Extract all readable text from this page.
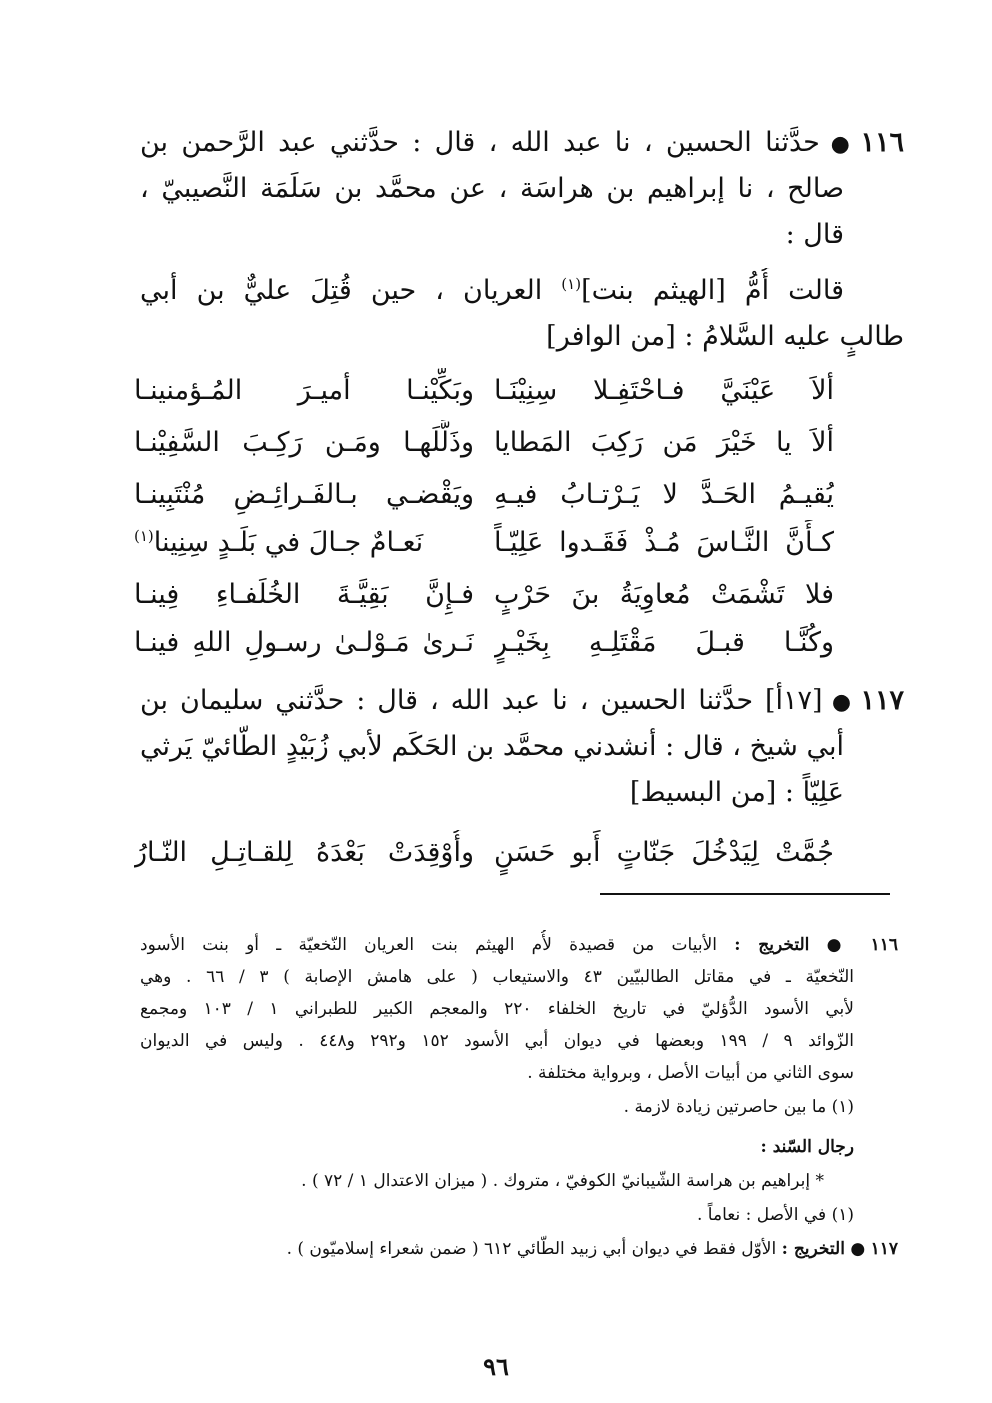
١١٦●حدَّثنا الحسين ، نا عبد الله ، قال : حدَّثني عبد الرَّحمن بن
صالح ، نا إبراهيم بن هراسَة ، عن محمَّد بن سَلَمَة النَّصيبيّ ،
قال :
قالت أُمُّ [الهيثم بنت]$^{(١)}$ العريان ، حين قُتِلَ عليٌّ بن أبي
طالبٍ عليه السَّلامُ : [من الوافر]
ألاَ عَيْنَيَّ فـاحْتَفِـلا سِنِيْنَـا
وبَكِّيْنـا أميـرَ المُـؤمنينـا
ألاَ يا خَيْرَ مَن رَكِبَ المَطايا
وذَلَّلَهـا ومَـن رَكِـبَ السَّفِيْنـا
يُقيـمُ الحَـدَّ لا يَـرْتـابُ فيـهِ
ويَقْضـي بـالفَـرائِـضِ مُنْتَبِينـا
كـأَنَّ النَّـاسَ مُـذْ فَقَـدوا عَلِيّـاً
نَعـامٌ جـالَ في بَلَـدٍ سِنِينا$^{(١)}$
فلا تَشْمَتْ مُعاوِيَةُ بنَ حَرْبٍ
فـإِنَّ بَقِيَّـةَ الخُلَفـاءِ فِينـا
وكُنَّـا قبـلَ مَقْتَلِـهِ بِخَيْـرٍ
نَـرىٰ مَـوْلـىٰ رسـولِ اللهِ فينـا
١١٧●[١٧أ] حدَّثنا الحسين ، نا عبد الله ، قال : حدَّثني سليمان بن
أبي شيخ ، قال : أنشدني محمَّد بن الحَكَم لأبي زُبَيْدٍ الطّائيّ يَرثي
عَلِيّاً : [من البسيط]
جُمَّتْ لِيَدْخُلَ جَنّاتٍ أَبو حَسَنٍ
وأُوْقِدَتْ بَعْدَهُ لِلقـاتِـلِ النّـارُ
١١٦ ● التخريج : الأبيات من قصيدة لأُم الهيثم بنت العريان النّخعيّة ـ أو بنت الأسود
النّخعيّة ـ في مقاتل الطالبيّين ٤٣ والاستيعاب ( على هامش الإصابة ) ٣ / ٦٦ . وهي
لأبي الأسود الدُّؤليّ في تاريخ الخلفاء ٢٢٠ والمعجم الكبير للطبراني ١ / ١٠٣ ومجمع
الزّوائد ٩ / ١٩٩ وبعضها في ديوان أبي الأسود ١٥٢ و٢٩٢ و٤٤٨ . وليس في الديوان
سوى الثاني من أبيات الأصل ، وبرواية مختلفة .
(١) ما بين حاصرتين زيادة لازمة .
رجال السّند :
* إبراهيم بن هراسة الشّيبانيّ الكوفيّ ، متروك . ( ميزان الاعتدال ١ / ٧٢ ) .
(١) في الأصل : نعاماً .
١١٧ ● التخريج : الأوّل فقط في ديوان أبي زبيد الطّائي ٦١٢ ( ضمن شعراء إسلاميّون ) .
٩٦
